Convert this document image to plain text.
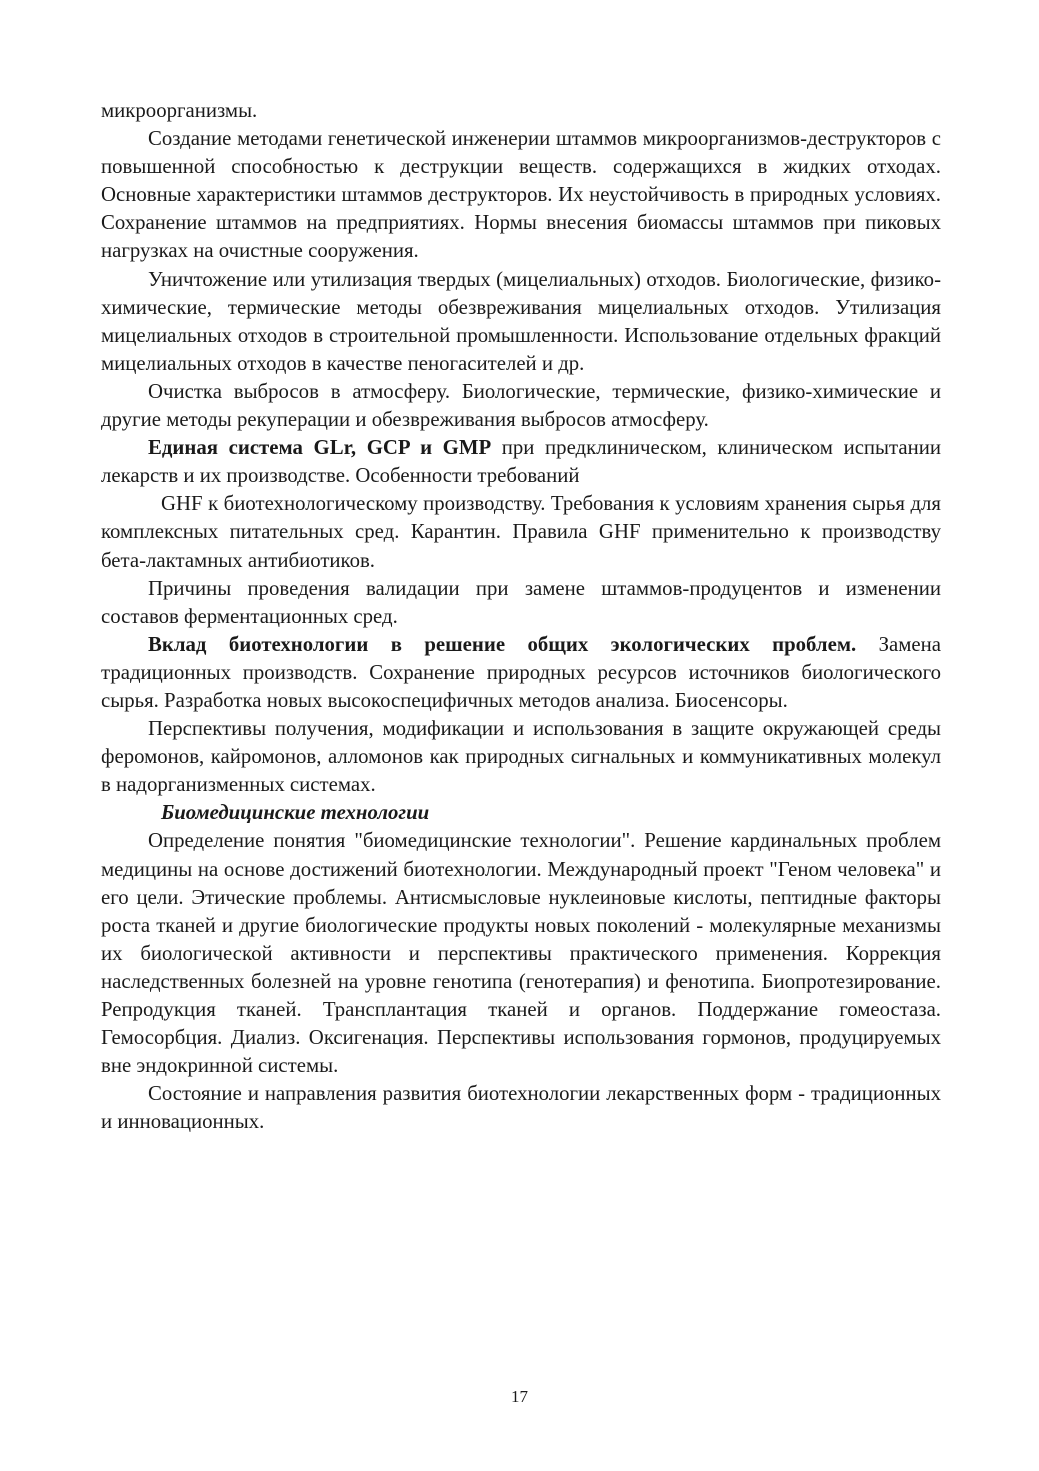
микроорганизмы.

Создание методами генетической инженерии штаммов микроорганизмов-деструкторов с повышенной способностью к деструкции веществ. содержащихся в жидких отходах. Основные характеристики штаммов деструкторов. Их неустойчивость в природных условиях. Сохранение штаммов на предприятиях. Нормы внесения биомассы штаммов при пиковых нагрузках на очистные сооружения.

Уничтожение или утилизация твердых (мицелиальных) отходов. Биологические, физико-химические, термические методы обезвреживания мицелиальных отходов. Утилизация мицелиальных отходов в строительной промышленности. Использование отдельных фракций мицелиальных отходов в качестве пеногасителей и др.

Очистка выбросов в атмосферу. Биологические, термические, физико-химические и другие методы рекуперации и обезвреживания выбросов атмосферу.

Единая система GLr, GCP и GMP при предклиническом, клиническом испытании лекарств и их производстве. Особенности требований

GHF к биотехнологическому производству. Требования к условиям хранения сырья для комплексных питательных сред. Карантин. Правила GHF применительно к производству бета-лактамных антибиотиков.

Причины проведения валидации при замене штаммов-продуцентов и изменении составов ферментационных сред.

Вклад биотехнологии в решение общих экологических проблем. Замена традиционных производств. Сохранение природных ресурсов источников биологического сырья. Разработка новых высокоспецифичных методов анализа. Биосенсоры.

Перспективы получения, модификации и использования в защите окружающей среды феромонов, кайромонов, алломонов как природных сигнальных и коммуникативных молекул в надорганизменных системах.

Биомедицинские технологии

Определение понятия "биомедицинские технологии". Решение кардинальных проблем медицины на основе достижений биотехнологии. Международный проект "Геном человека" и его цели. Этические проблемы. Антисмысловые нуклеиновые кислоты, пептидные факторы роста тканей и другие биологические продукты новых поколений - молекулярные механизмы их биологической активности и перспективы практического применения. Коррекция наследственных болезней на уровне генотипа (генотерапия) и фенотипа. Биопротезирование. Репродукция тканей. Трансплантация тканей и органов. Поддержание гомеостаза. Гемосорбция. Диализ. Оксигенация. Перспективы использования гормонов, продуцируемых вне эндокринной системы.

Состояние и направления развития биотехнологии лекарственных форм - традиционных и инновационных.

17
